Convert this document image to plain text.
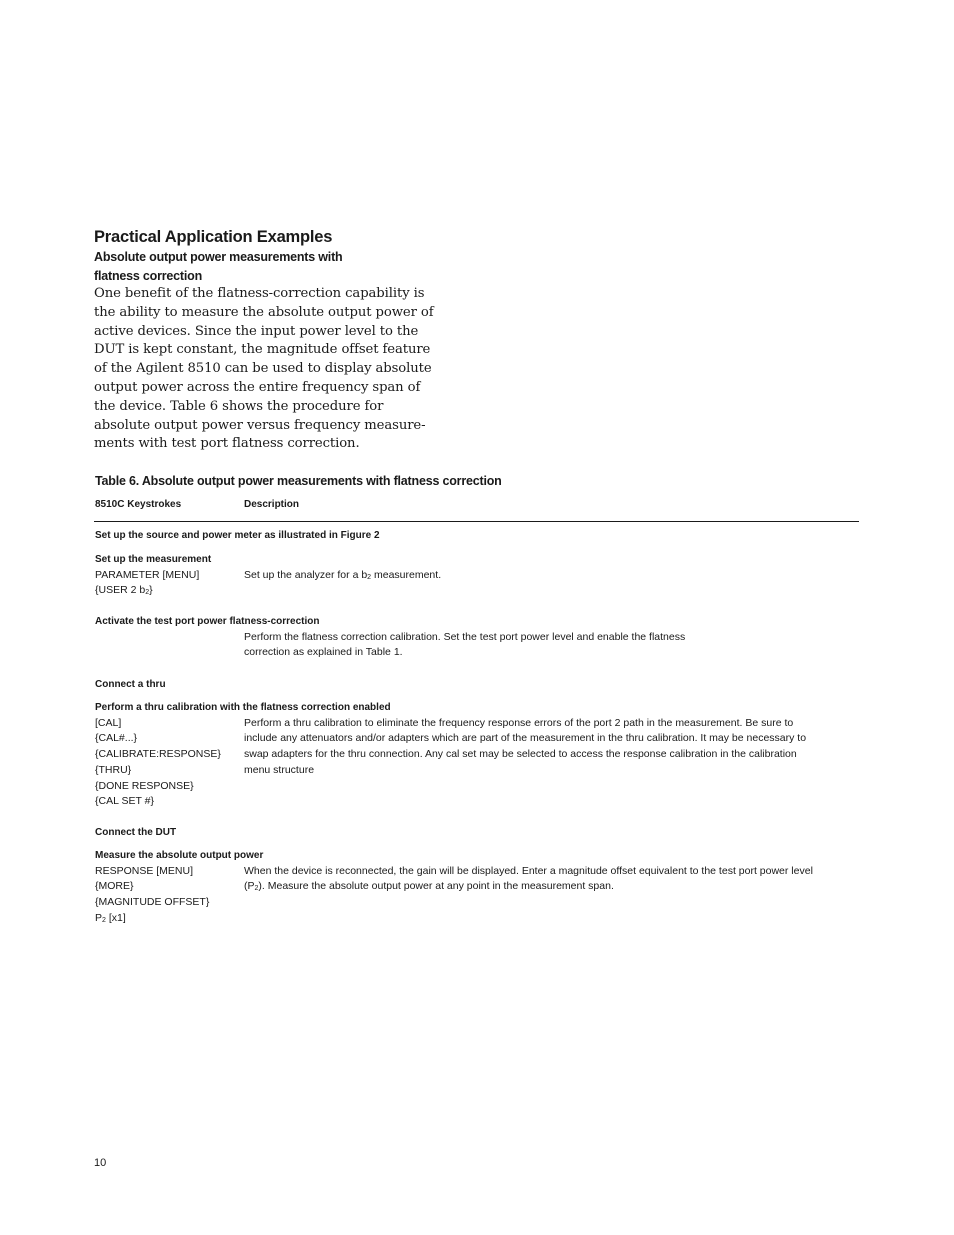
Practical Application Examples
Absolute output power measurements with
flatness correction

One benefit of the flatness-correction capability is
the ability to measure the absolute output power of
active devices. Since the input power level to the
DUT is kept constant, the magnitude offset feature
of the Agilent 8510 can be used to display absolute
output power across the entire frequency span of
the device. Table 6 shows the procedure for
absolute output power versus frequency measure-
ments with test port flatness correction.

Table 6. Absolute output power measurements with flatness correction
8510C Keystrokes	Description
Set up the source and power meter as illustrated in Figure 2
Set up the measurement
PARAMETER [MENU]
{USER 2 $b_2$}
Set up the analyzer for a $b_2$ measurement.
Activate the test port power flatness-correction
Perform the flatness correction calibration. Set the test port power level and enable the flatness
correction as explained in Table 1.
Connect a thru
Perform a thru calibration with the flatness correction enabled
[CAL]
{CAL#...}
{CALIBRATE:RESPONSE}
{THRU}
{DONE RESPONSE}
{CAL SET #}
Perform a thru calibration to eliminate the frequency response errors of the port 2 path in the measurement. Be sure to
include any attenuators and/or adapters which are part of the measurement in the thru calibration. It may be necessary to
swap adapters for the thru connection. Any cal set may be selected to access the response calibration in the calibration
menu structure
Connect the DUT
Measure the absolute output power
RESPONSE [MENU]
{MORE}
{MAGNITUDE OFFSET}
$P_2$ [x1]
When the device is reconnected, the gain will be displayed. Enter a magnitude offset equivalent to the test port power level
$(P_2)$. Measure the absolute output power at any point in the measurement span.
10
